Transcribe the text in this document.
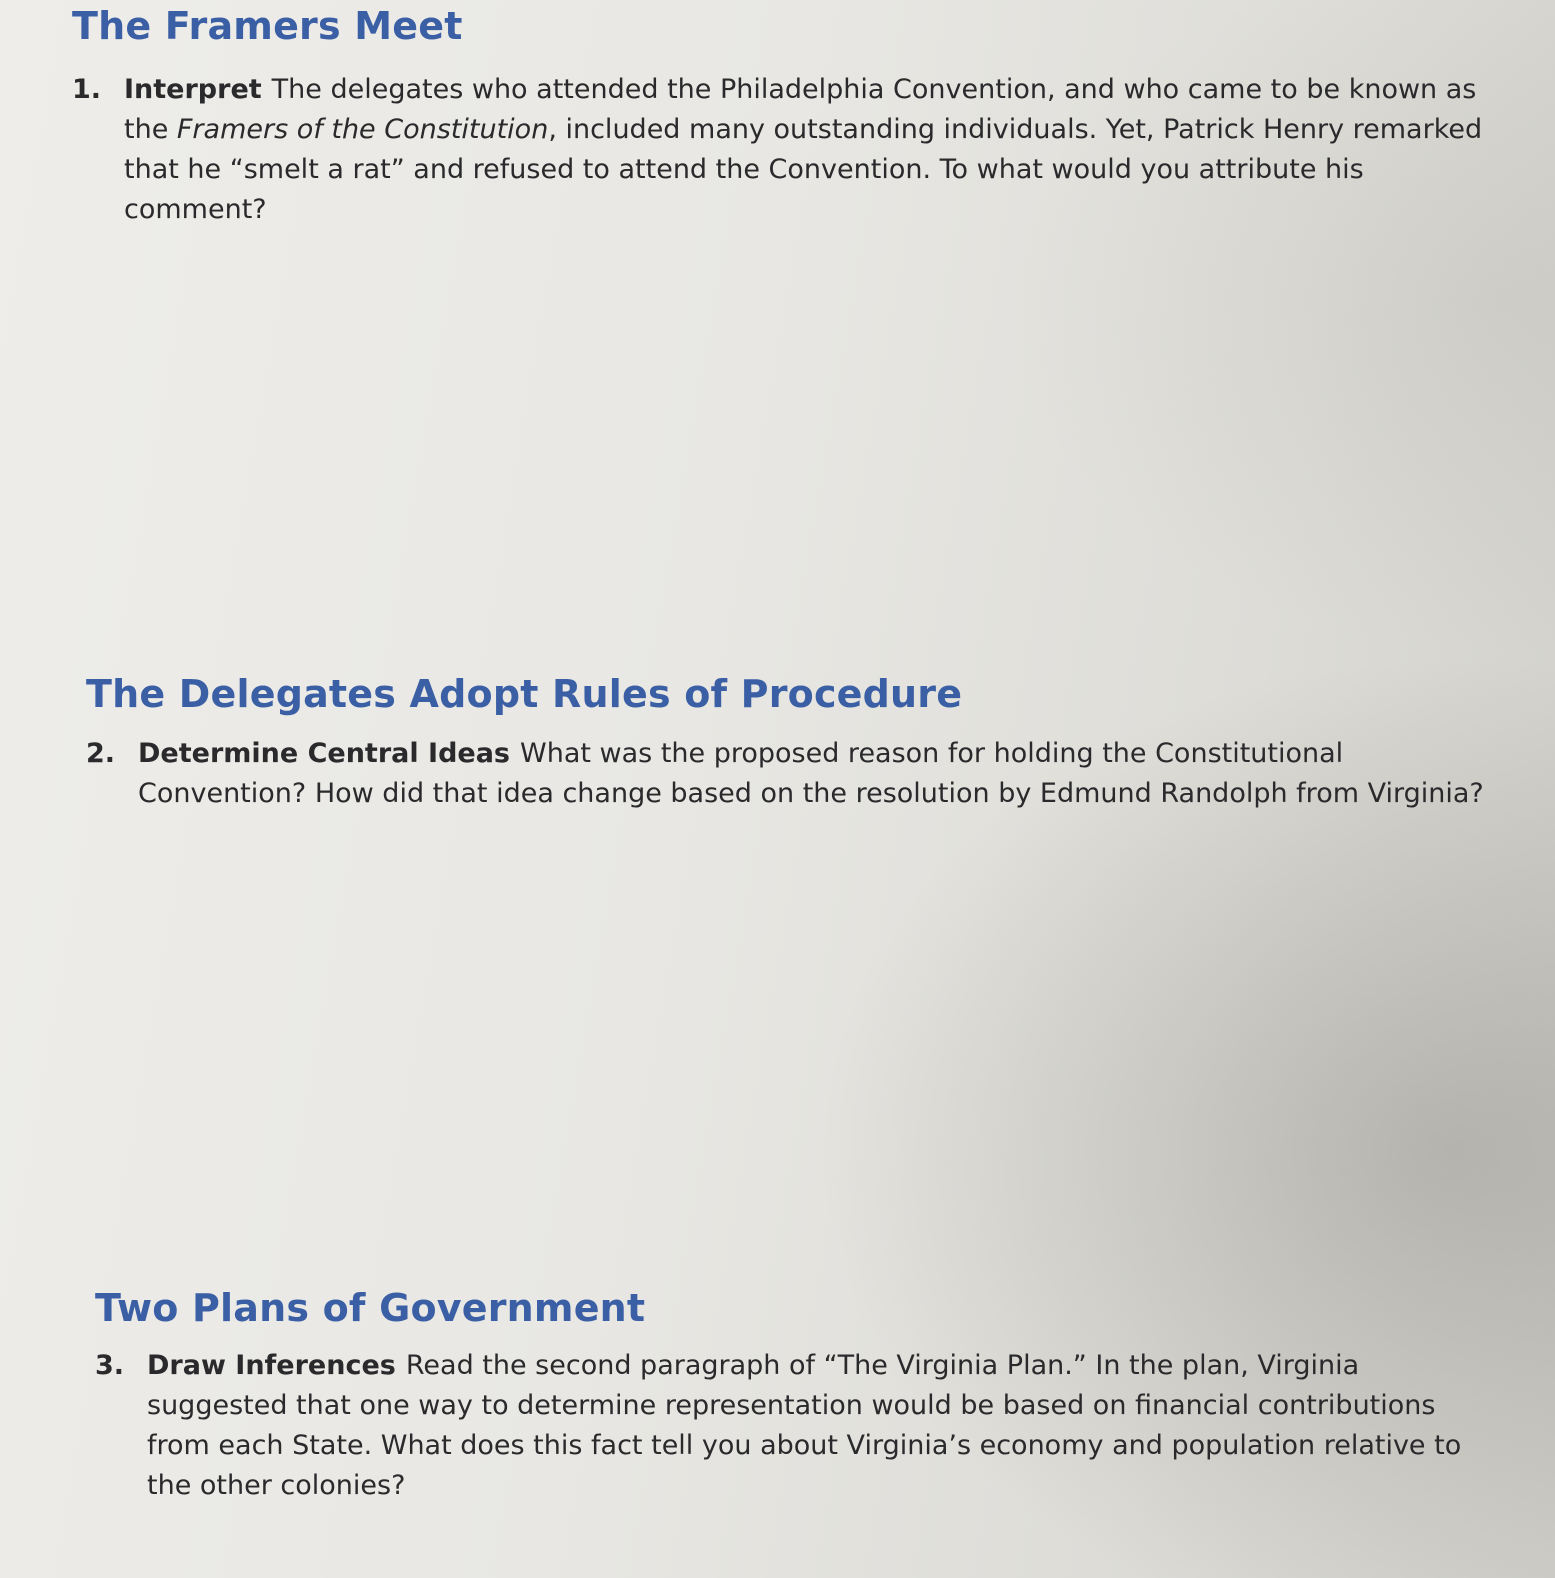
The Framers Meet
1. Interpret The delegates who attended the Philadelphia Convention, and who came to be known as the Framers of the Constitution, included many outstanding individuals. Yet, Patrick Henry remarked that he “smelt a rat” and refused to attend the Convention. To what would you attribute his comment?
The Delegates Adopt Rules of Procedure
2. Determine Central Ideas What was the proposed reason for holding the Constitutional Convention? How did that idea change based on the resolution by Edmund Randolph from Virginia?
Two Plans of Government
3. Draw Inferences Read the second paragraph of “The Virginia Plan.” In the plan, Virginia suggested that one way to determine representation would be based on financial contributions from each State. What does this fact tell you about Virginia’s economy and population relative to the other colonies?
